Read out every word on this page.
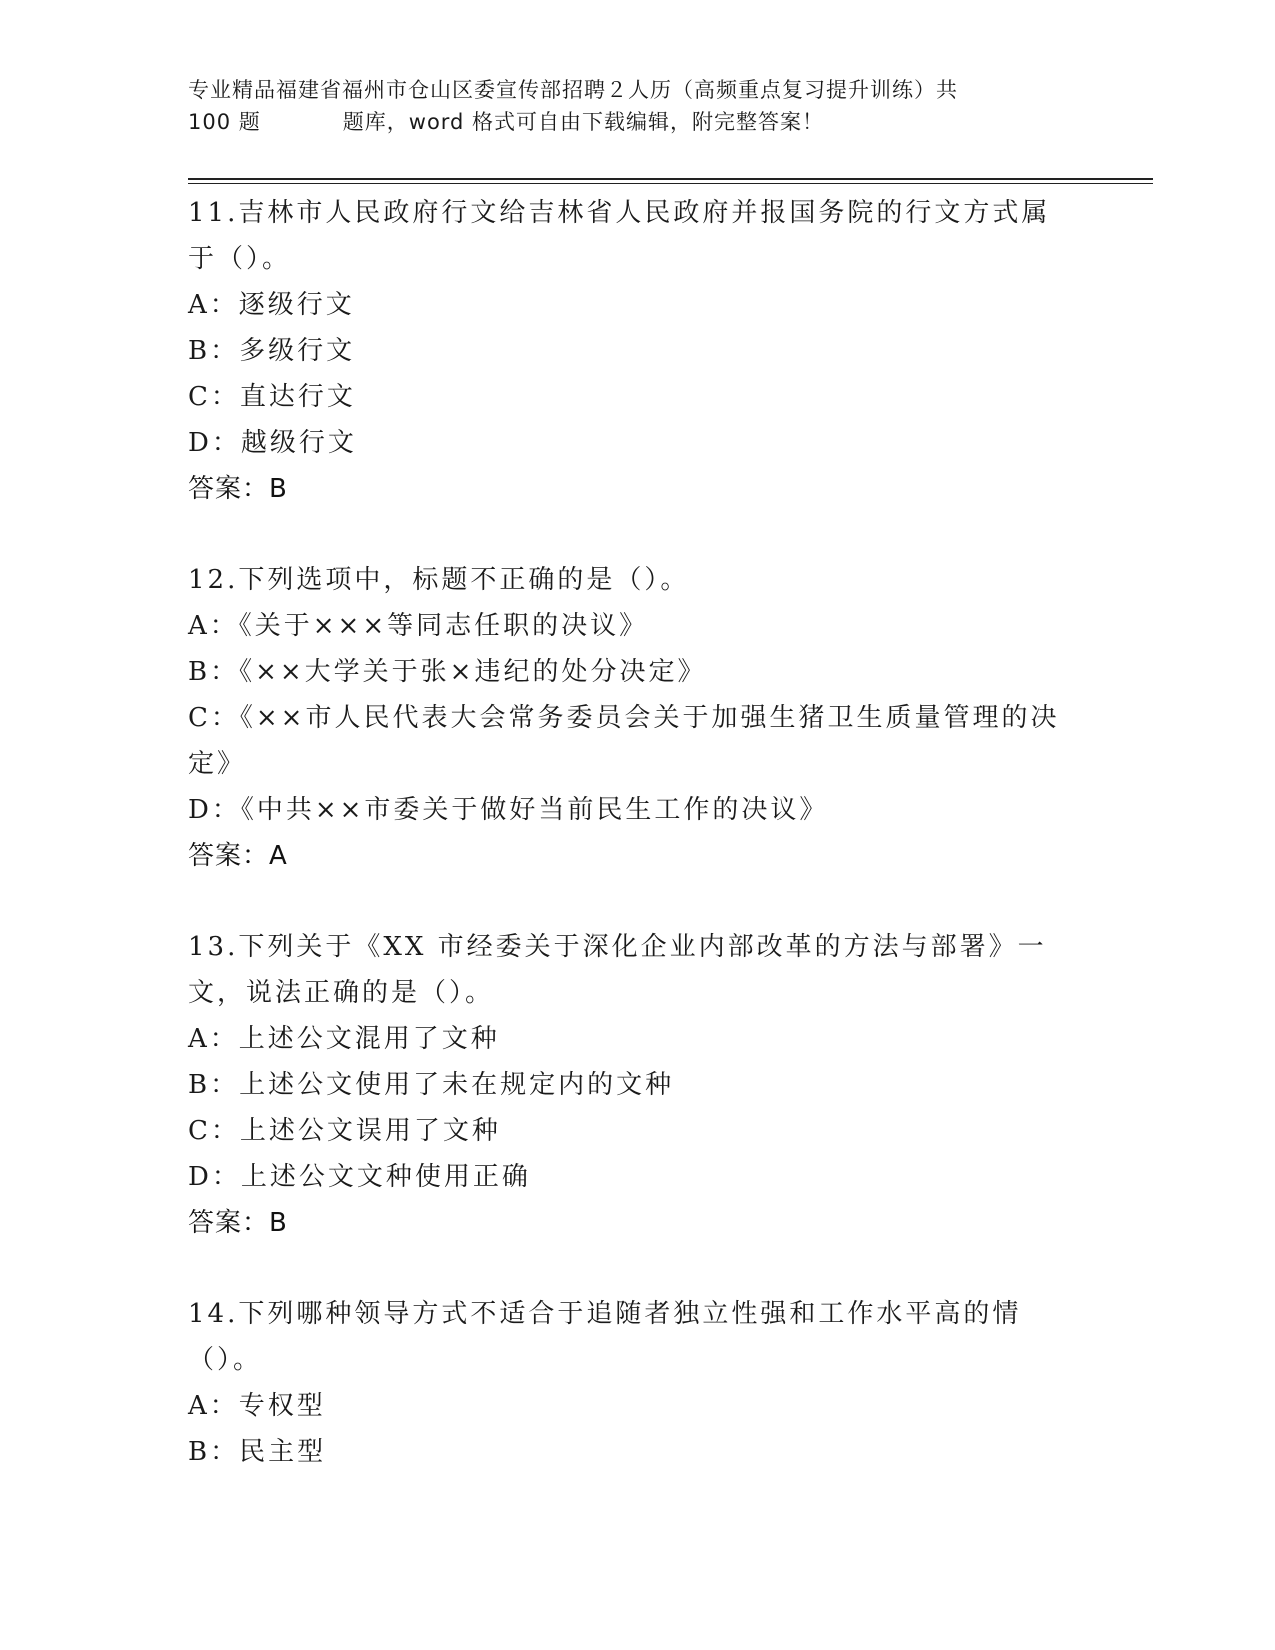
专业精品福建省福州市仓山区委宣传部招聘２人历（高频重点复习提升训练）共
100 题	题库，word 格式可自由下载编辑，附完整答案！
11.吉林市人民政府行文给吉林省人民政府并报国务院的行文方式属于（）。
A：逐级行文
B：多级行文
C：直达行文
D：越级行文
答案：B
12.下列选项中，标题不正确的是（）。
A：《关于×××等同志任职的决议》
B：《××大学关于张×违纪的处分决定》
C：《××市人民代表大会常务委员会关于加强生猪卫生质量管理的决定》
D：《中共××市委关于做好当前民生工作的决议》
答案：A
13.下列关于《XX 市经委关于深化企业内部改革的方法与部署》一文，说法正确的是（）。
A：上述公文混用了文种
B：上述公文使用了未在规定内的文种
C：上述公文误用了文种
D：上述公文文种使用正确
答案：B
14.下列哪种领导方式不适合于追随者独立性强和工作水平高的情（）。
A：专权型
B：民主型
